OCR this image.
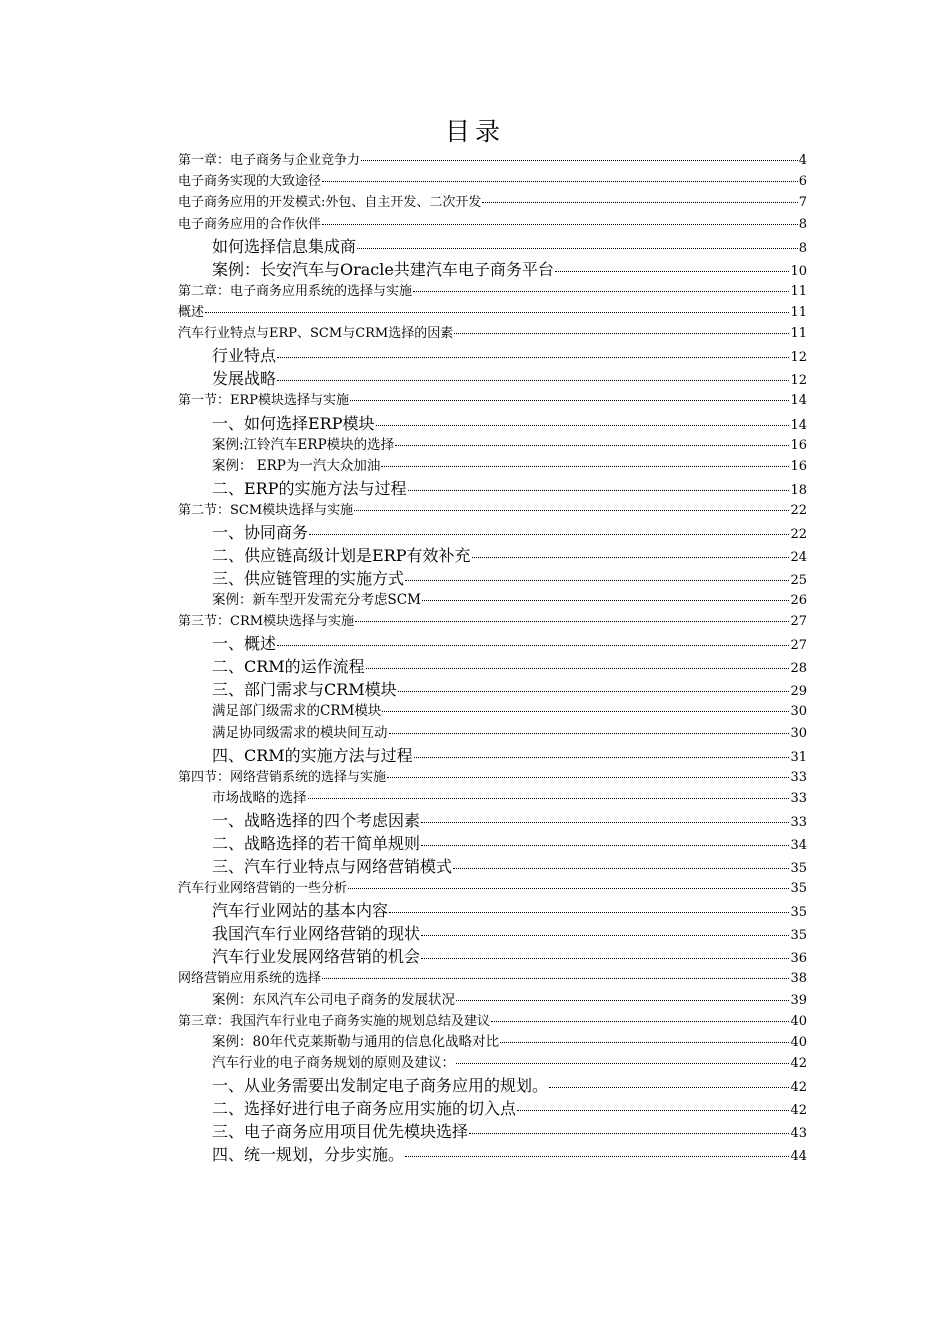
目录
第一章：电子商务与企业竞争力	4
电子商务实现的大致途径	6
电子商务应用的开发模式:外包、自主开发、二次开发	7
电子商务应用的合作伙伴	8
如何选择信息集成商	8
案例：长安汽车与Oracle共建汽车电子商务平台	10
第二章：电子商务应用系统的选择与实施	11
概述	11
汽车行业特点与ERP、SCM与CRM选择的因素	11
行业特点	12
发展战略	12
第一节：ERP模块选择与实施	14
一、如何选择ERP模块	14
案例:江铃汽车ERP模块的选择	16
案例： ERP为一汽大众加油	16
二、ERP的实施方法与过程	18
第二节：SCM模块选择与实施	22
一、协同商务	22
二、供应链高级计划是ERP有效补充	24
三、供应链管理的实施方式	25
案例：新车型开发需充分考虑SCM	26
第三节：CRM模块选择与实施	27
一、概述	27
二、CRM的运作流程	28
三、部门需求与CRM模块	29
满足部门级需求的CRM模块	30
满足协同级需求的模块间互动	30
四、CRM的实施方法与过程	31
第四节：网络营销系统的选择与实施	33
市场战略的选择	33
一、战略选择的四个考虑因素	33
二、战略选择的若干简单规则	34
三、汽车行业特点与网络营销模式	35
汽车行业网络营销的一些分析	35
汽车行业网站的基本内容	35
我国汽车行业网络营销的现状	35
汽车行业发展网络营销的机会	36
网络营销应用系统的选择	38
案例：东风汽车公司电子商务的发展状况	39
第三章：我国汽车行业电子商务实施的规划总结及建议	40
案例：80年代克莱斯勒与通用的信息化战略对比	40
汽车行业的电子商务规划的原则及建议：	42
一、从业务需要出发制定电子商务应用的规划。	42
二、选择好进行电子商务应用实施的切入点	42
三、电子商务应用项目优先模块选择	43
四、统一规划，分步实施。	44
